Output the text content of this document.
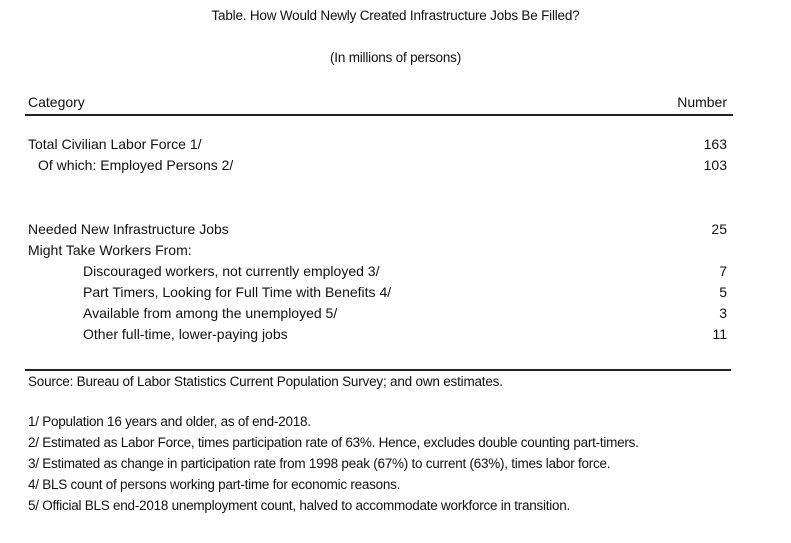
Table. How Would Newly Created Infrastructure Jobs Be Filled?
(In millions of persons)
Category	Number
Total Civilian Labor Force 1/	163
Of which: Employed Persons 2/	103
Needed New Infrastructure Jobs	25
Might Take Workers From:
Discouraged workers, not currently employed 3/	7
Part Timers, Looking for Full Time with Benefits 4/	5
Available from among the unemployed 5/	3
Other full-time, lower-paying jobs	11
Source: Bureau of Labor Statistics Current Population Survey; and own estimates.
1/ Population 16 years and older, as of end-2018.
2/ Estimated as Labor Force, times participation rate of 63%. Hence, excludes double counting part-timers.
3/ Estimated as change in participation rate from 1998 peak (67%) to current (63%), times labor force.
4/ BLS count of persons working part-time for economic reasons.
5/ Official BLS end-2018 unemployment count, halved to accommodate workforce in transition.
